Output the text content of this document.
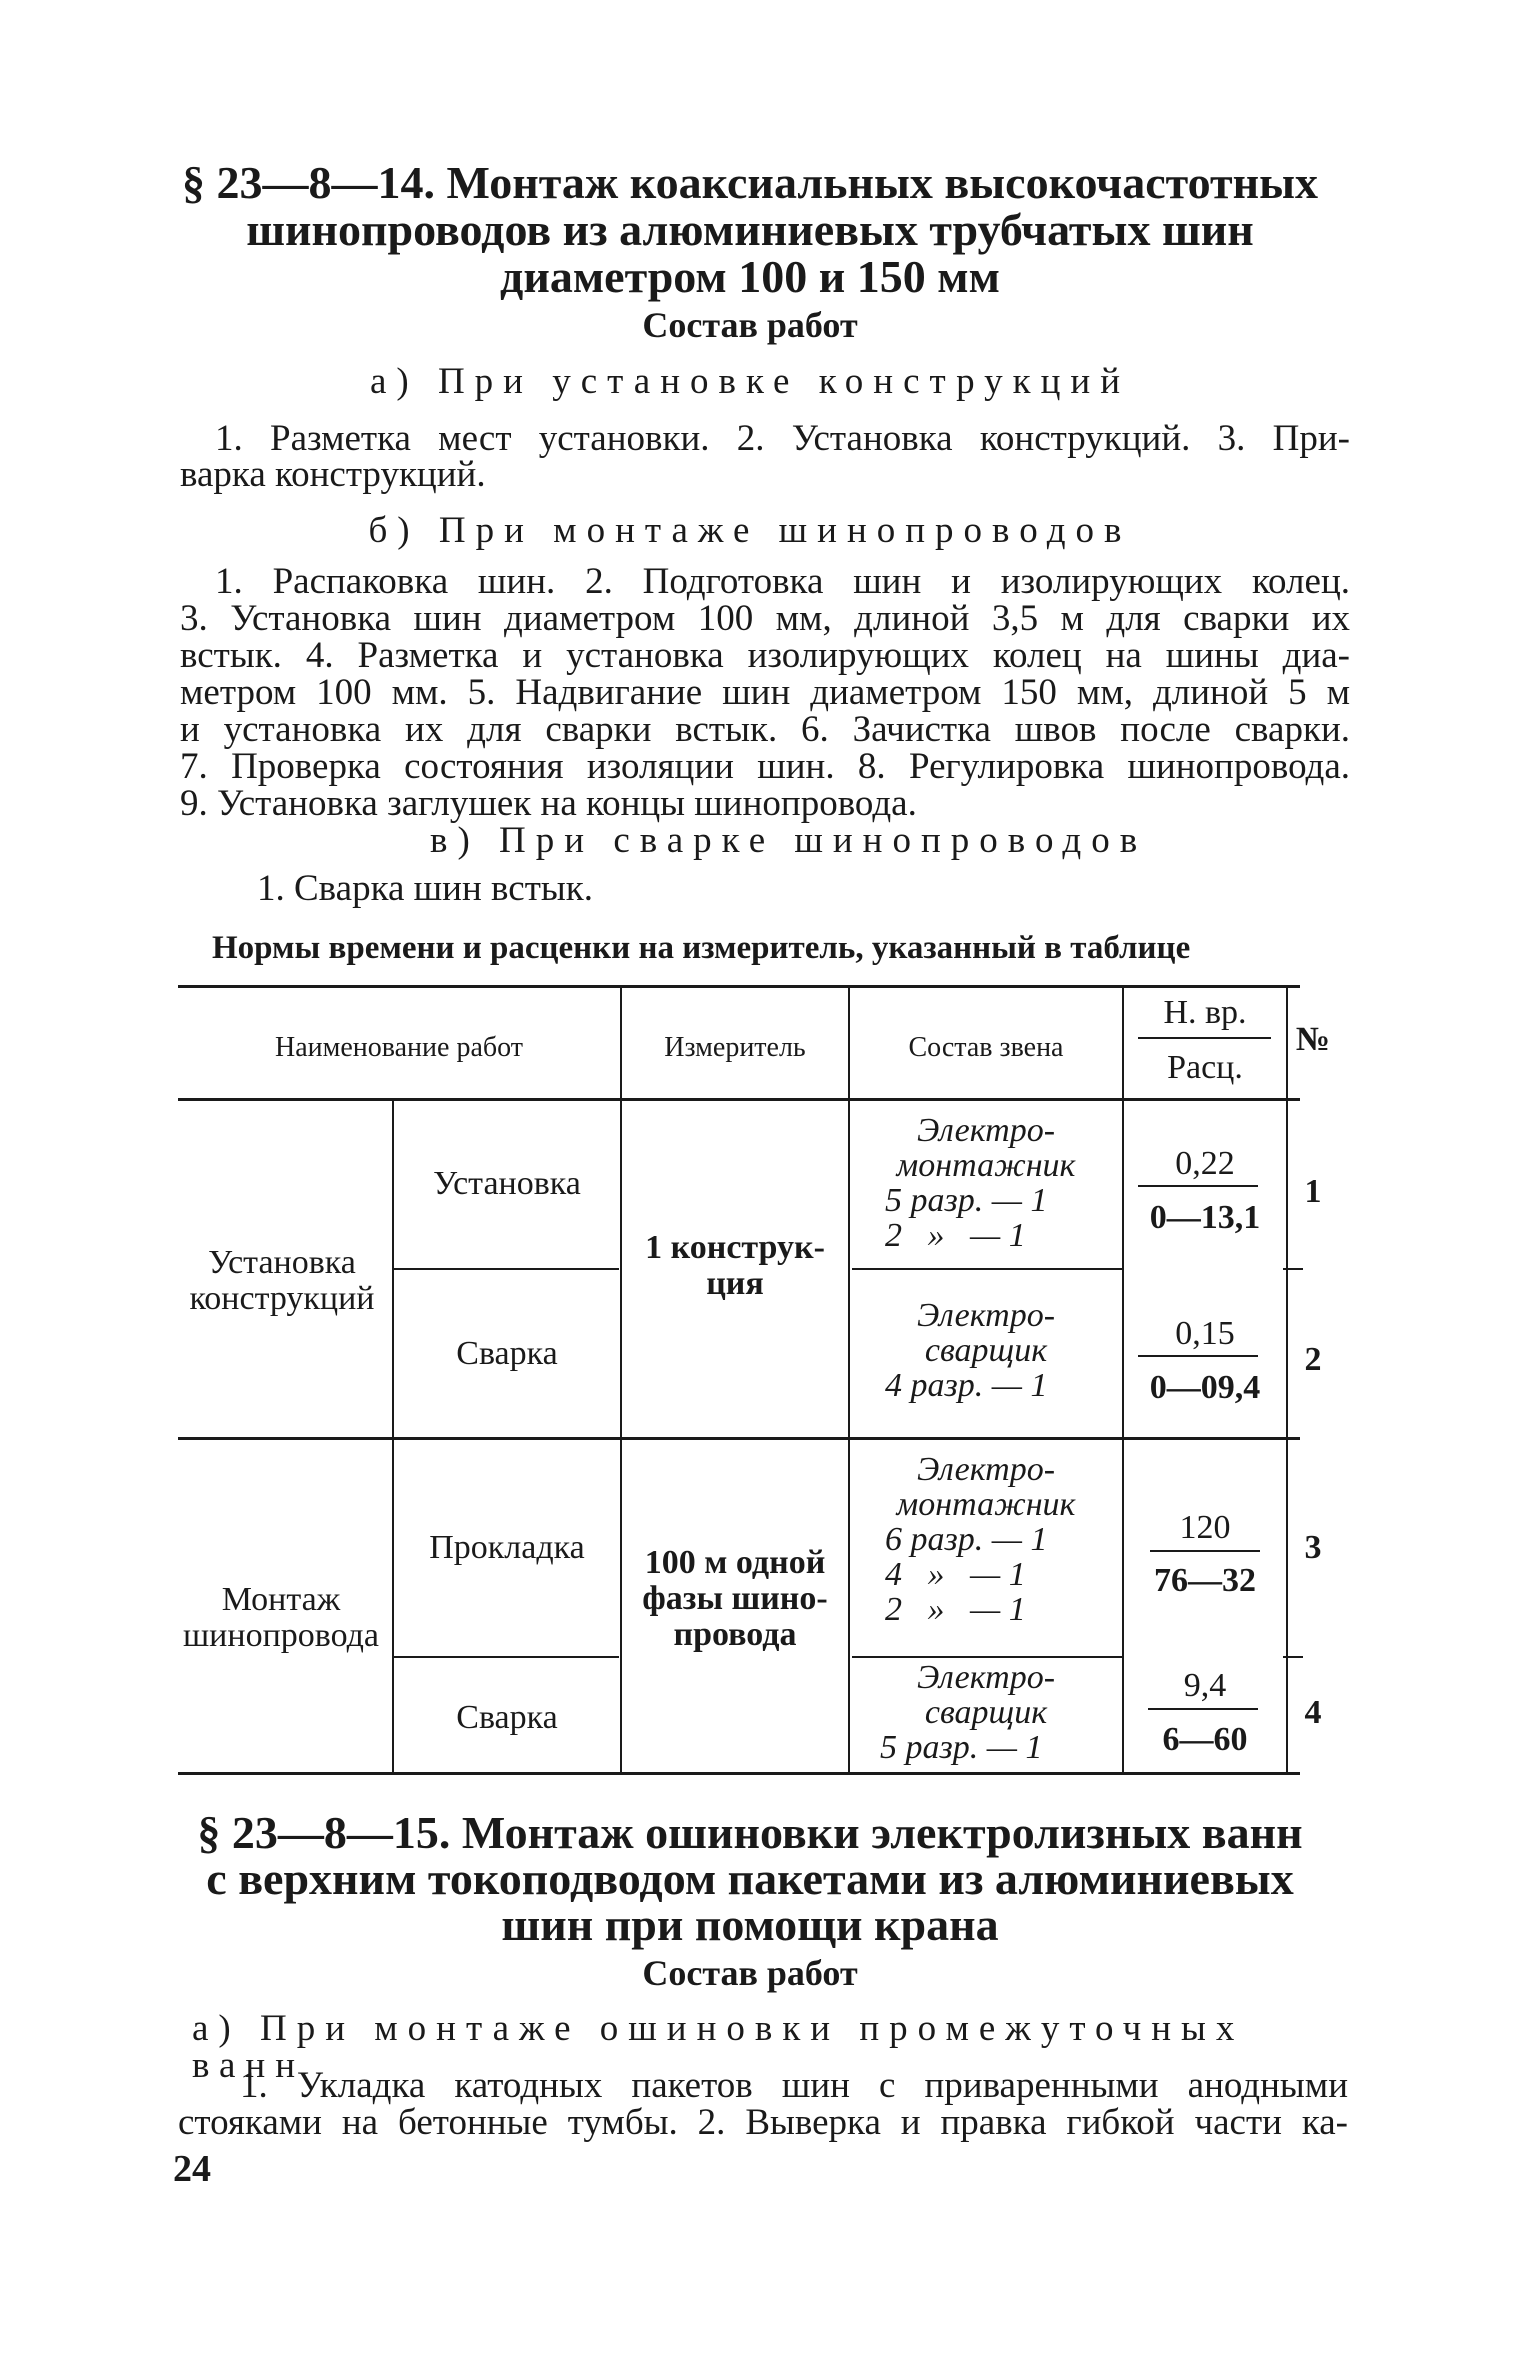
§ 23—8—14. Монтаж коаксиальных высокочастотных
шинопроводов из алюминиевых трубчатых шин
диаметром 100 и 150 мм
Состав работ
а) При установке конструкций
1. Разметка мест установки. 2. Установка конструкций. 3. При-
варка конструкций.
б) При монтаже шинопроводов
1. Распаковка шин. 2. Подготовка шин и изолирующих колец.
3. Установка шин диаметром 100 мм, длиной 3,5 м для сварки их
встык. 4. Разметка и установка изолирующих колец на шины диа-
метром 100 мм. 5. Надвигание шин диаметром 150 мм, длиной 5 м
и установка их для сварки встык. 6. Зачистка швов после сварки.
7. Проверка состояния изоляции шин. 8. Регулировка шинопровода.
9. Установка заглушек на концы шинопровода.
в) При сварке шинопроводов
1. Сварка шин встык.
Нормы времени и расценки на измеритель, указанный в таблице
Наименование работ	Измеритель	Состав звена
Н. вр.
Расц.
№
Установка
конструкций
1 конструк-
ция
Установка
Электро-
монтажник
5 разр. — 1
2   »   — 1
0,22
0—13,1
1
Сварка
Электро-
сварщик
4 разр. — 1
0,15
0—09,4
2
Монтаж
шинопровода
100 м одной
фазы шино-
провода
Прокладка
Электро-
монтажник
6 разр. — 1
4   »   — 1
2   »   — 1
120
76—32
3
Сварка
Электро-
сварщик
5 разр. — 1
9,4
6—60
4
§ 23—8—15. Монтаж ошиновки электролизных ванн
с верхним токоподводом пакетами из алюминиевых
шин при помощи крана
Состав работ
а) При монтаже ошиновки промежуточных ванн
1. Укладка катодных пакетов шин с приваренными анодными
стояками на бетонные тумбы. 2. Выверка и правка гибкой части ка-
24
